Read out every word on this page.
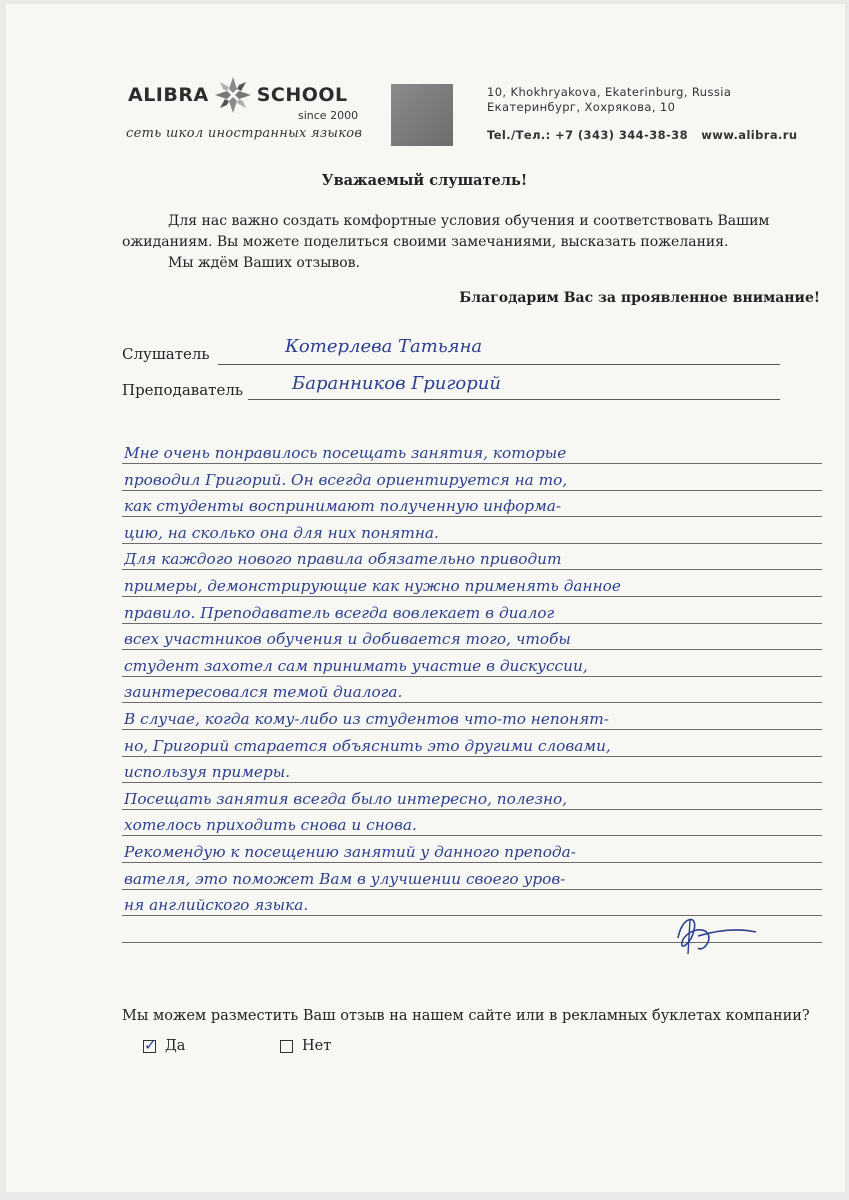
ALIBRA	SCHOOL
since 2000
сеть школ иностранных языков
10, Khokhryakova, Ekaterinburg, Russia
Екатеринбург, Хохрякова, 10
Tel./Тел.: +7 (343) 344-38-38   www.alibra.ru
Уважаемый слушатель!
Для нас важно создать комфортные условия обучения и соответствовать Вашим ожиданиям. Вы можете поделиться своими замечаниями, высказать пожелания.
Мы ждём Ваших отзывов.
Благодарим Вас за проявленное внимание!
Слушатель	Котерлева Татьяна
Преподаватель	Баранников Григорий
Мне очень понравилось посещать занятия, которые
проводил Григорий. Он всегда ориентируется на то,
как студенты воспринимают полученную информа-
цию, на сколько она для них понятна.
Для каждого нового правила обязательно приводит
примеры, демонстрирующие как нужно применять данное
правило. Преподаватель всегда вовлекает в диалог
всех участников обучения и добивается того, чтобы
студент захотел сам принимать участие в дискуссии,
заинтересовался темой диалога.
В случае, когда кому-либо из студентов что-то непонят-
но, Григорий старается объяснить это другими словами,
используя примеры.
Посещать занятия всегда было интересно, полезно,
хотелось приходить снова и снова.
Рекомендую к посещению занятий у данного препода-
вателя, это поможет Вам в улучшении своего уров-
ня английского языка.
Мы можем разместить Ваш отзыв на нашем сайте или в рекламных буклетах компании?
✓ Да	Нет
